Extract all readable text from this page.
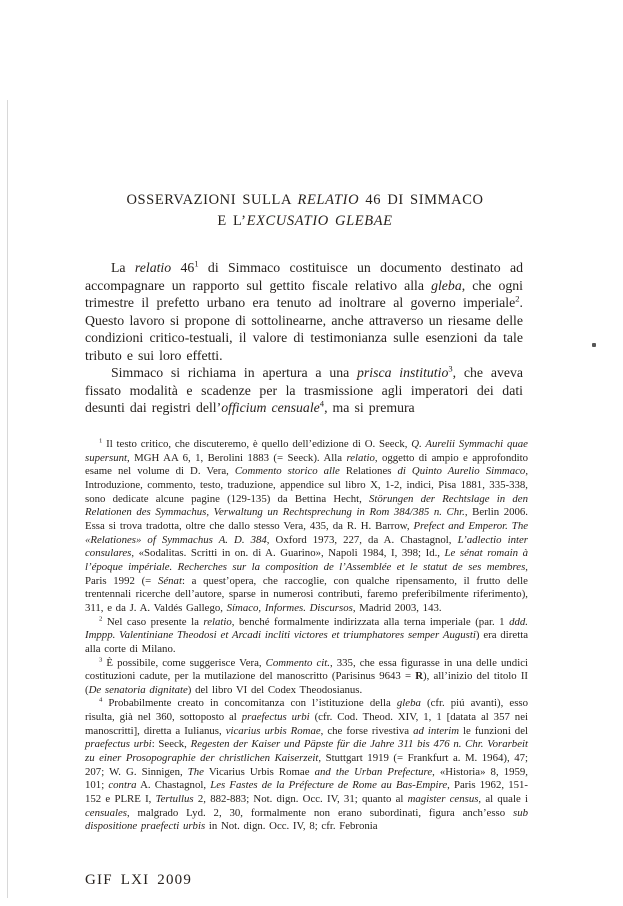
OSSERVAZIONI SULLA RELATIO 46 DI SIMMACO
E L’EXCUSATIO GLEBAE

La relatio $46^1$ di Simmaco costituisce un documento destinato ad accompagnare un rapporto sul gettito fiscale relativo alla gleba, che ogni trimestre il prefetto urbano era tenuto ad inoltrare al governo imperiale$^2$. Questo lavoro si propone di sottolinearne, anche attraverso un riesame delle condizioni critico-testuali, il valore di testimonianza sulle esenzioni da tale tributo e sui loro effetti.

Simmaco si richiama in apertura a una prisca institutio$^3$, che aveva fissato modalità e scadenze per la trasmissione agli imperatori dei dati desunti dai registri dell’officium censuale$^4$, ma si premura

$^1$ Il testo critico, che discuteremo, è quello dell’edizione di O. Seeck, Q. Aurelii Symmachi quae supersunt, MGH AA 6, 1, Berolini 1883 (= Seeck). Alla relatio, oggetto di ampio e approfondito esame nel volume di D. Vera, Commento storico alle Relationes di Quinto Aurelio Simmaco, Introduzione, commento, testo, traduzione, appendice sul libro X, 1-2, indici, Pisa 1881, 335-338, sono dedicate alcune pagine (129-135) da Bettina Hecht, Störungen der Rechtslage in den Relationen des Symmachus, Verwaltung un Rechtsprechung in Rom 384/385 n. Chr., Berlin 2006. Essa si trova tradotta, oltre che dallo stesso Vera, 435, da R. H. Barrow, Prefect and Emperor. The «Relationes» of Symmachus A. D. 384, Oxford 1973, 227, da A. Chastagnol, L’adlectio inter consulares, «Sodalitas. Scritti in on. di A. Guarino», Napoli 1984, I, 398; Id., Le sénat romain à l’époque impériale. Recherches sur la composition de l’Assemblée et le statut de ses membres, Paris 1992 (= Sénat: a quest’opera, che raccoglie, con qualche ripensamento, il frutto delle trentennali ricerche dell’autore, sparse in numerosi contributi, faremo preferibilmente riferimento), 311, e da J. A. Valdés Gallego, Símaco, Informes. Discursos, Madrid 2003, 143.

$^2$ Nel caso presente la relatio, benché formalmente indirizzata alla terna imperiale (par. 1 ddd. Imppp. Valentiniane Theodosi et Arcadi incliti victores et triumphatores semper Augusti) era diretta alla corte di Milano.

$^3$ È possibile, come suggerisce Vera, Commento cit., 335, che essa figurasse in una delle undici costituzioni cadute, per la mutilazione del manoscritto (Parisinus 9643 = R), all’inizio del titolo II (De senatoria dignitate) del libro VI del Codex Theodosianus.

$^4$ Probabilmente creato in concomitanza con l’istituzione della gleba (cfr. piú avanti), esso risulta, già nel 360, sottoposto al praefectus urbi (cfr. Cod. Theod. XIV, 1, 1 [datata al 357 nei manoscritti], diretta a Iulianus, vicarius urbis Romae, che forse rivestiva ad interim le funzioni del praefectus urbi: Seeck, Regesten der Kaiser und Päpste für die Jahre 311 bis 476 n. Chr. Vorarbeit zu einer Prosopographie der christlichen Kaiserzeit, Stuttgart 1919 (= Frankfurt a. M. 1964), 47; 207; W. G. Sinnigen, The Vicarius Urbis Romae and the Urban Prefecture, «Historia» 8, 1959, 101; contra A. Chastagnol, Les Fastes de la Préfecture de Rome au Bas-Empire, Paris 1962, 151-152 e PLRE I, Tertullus 2, 882-883; Not. dign. Occ. IV, 31; quanto al magister census, al quale i censuales, malgrado Lyd. 2, 30, formalmente non erano subordinati, figura anch’esso sub dispositione praefecti urbis in Not. dign. Occ. IV, 8; cfr. Febronia

GIF LXI 2009
